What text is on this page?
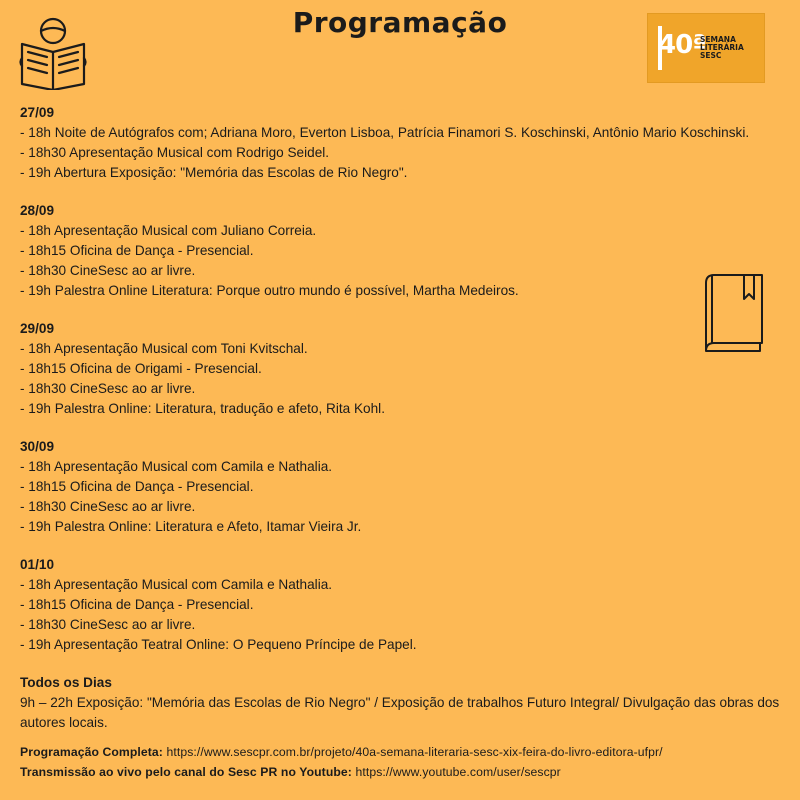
Programação
40ª
SEMANA
LITERÁRIA
SESC
27/09
- 18h Noite de Autógrafos com; Adriana Moro, Everton Lisboa, Patrícia Finamori S. Koschinski, Antônio Mario Koschinski.
- 18h30 Apresentação Musical com Rodrigo Seidel.
- 19h Abertura Exposição: "Memória das Escolas de Rio Negro".
28/09
- 18h Apresentação Musical com Juliano Correia.
- 18h15 Oficina de Dança - Presencial.
- 18h30 CineSesc ao ar livre.
- 19h Palestra Online Literatura: Porque outro mundo é possível, Martha Medeiros.
29/09
- 18h Apresentação Musical com Toni Kvitschal.
- 18h15 Oficina de Origami - Presencial.
- 18h30 CineSesc ao ar livre.
- 19h Palestra Online: Literatura, tradução e afeto, Rita Kohl.
30/09
- 18h Apresentação Musical com Camila e Nathalia.
- 18h15 Oficina de Dança - Presencial.
- 18h30 CineSesc ao ar livre.
- 19h Palestra Online: Literatura e Afeto, Itamar Vieira Jr.
01/10
- 18h Apresentação Musical com Camila e Nathalia.
- 18h15 Oficina de Dança - Presencial.
- 18h30 CineSesc ao ar livre.
- 19h Apresentação Teatral Online: O Pequeno Príncipe de Papel.
Todos os Dias
9h – 22h Exposição: "Memória das Escolas de Rio Negro" / Exposição de trabalhos Futuro Integral/ Divulgação das obras dos autores locais.
Programação Completa: https://www.sescpr.com.br/projeto/40a-semana-literaria-sesc-xix-feira-do-livro-editora-ufpr/
Transmissão ao vivo pelo canal do Sesc PR no Youtube: https://www.youtube.com/user/sescpr
